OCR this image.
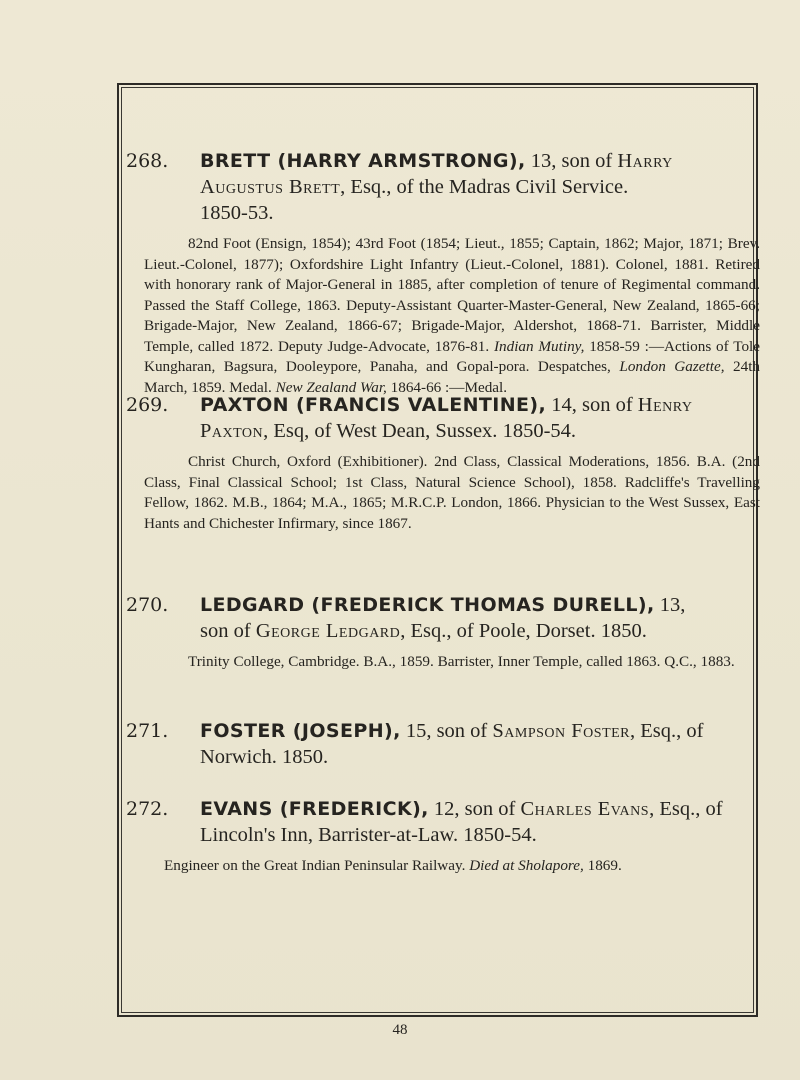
268. BRETT (HARRY ARMSTRONG), 13, son of Harry Augustus Brett, Esq., of the Madras Civil Service.
1850-53.
82nd Foot (Ensign, 1854); 43rd Foot (1854; Lieut., 1855; Captain, 1862; Major, 1871; Brev. Lieut.-Colonel, 1877); Oxfordshire Light Infantry (Lieut.-Colonel, 1881). Colonel, 1881. Retired with honorary rank of Major-General in 1885, after completion of tenure of Regimental command. Passed the Staff College, 1863. Deputy-Assistant Quarter-Master-General, New Zealand, 1865-66; Brigade-Major, New Zealand, 1866-67; Brigade-Major, Aldershot, 1868-71. Barrister, Middle Temple, called 1872. Deputy Judge-Advocate, 1876-81. Indian Mutiny, 1858-59 :—Actions of Tole Kungharan, Bagsura, Dooleypore, Panaha, and Gopal-pora. Despatches, London Gazette, 24th March, 1859. Medal. New Zealand War, 1864-66 :—Medal.
269. PAXTON (FRANCIS VALENTINE), 14, son of Henry Paxton, Esq, of West Dean, Sussex. 1850-54.
Christ Church, Oxford (Exhibitioner). 2nd Class, Classical Moderations, 1856. B.A. (2nd Class, Final Classical School; 1st Class, Natural Science School), 1858. Radcliffe's Travelling Fellow, 1862. M.B., 1864; M.A., 1865; M.R.C.P. London, 1866. Physician to the West Sussex, East Hants and Chichester Infirmary, since 1867.
270. LEDGARD (FREDERICK THOMAS DURELL), 13,
son of George Ledgard, Esq., of Poole, Dorset. 1850.
Trinity College, Cambridge. B.A., 1859. Barrister, Inner Temple, called 1863. Q.C., 1883.
271. FOSTER (JOSEPH), 15, son of Sampson Foster, Esq., of
Norwich. 1850.
272. EVANS (FREDERICK), 12, son of Charles Evans, Esq., of
Lincoln's Inn, Barrister-at-Law. 1850-54.
Engineer on the Great Indian Peninsular Railway. Died at Sholapore, 1869.
48
